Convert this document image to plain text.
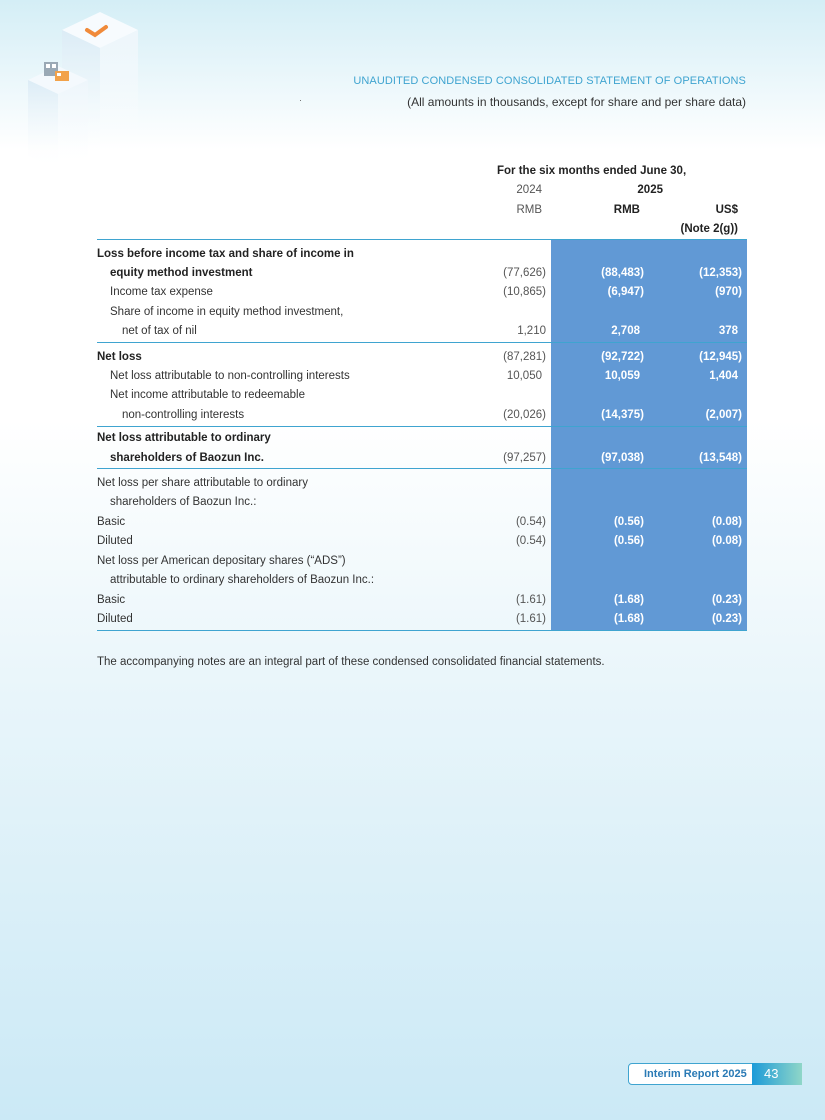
UNAUDITED CONDENSED CONSOLIDATED STATEMENT OF OPERATIONS
(All amounts in thousands, except for share and per share data)
For the six months ended June 30,
2024	2025
RMB	RMB	US$
(Note 2(g))
Loss before income tax and share of income in
equity method investment	(77,626)	(88,483)	(12,353)
Income tax expense	(10,865)	(6,947)	(970)
Share of income in equity method investment,
net of tax of nil	1,210	2,708	378
Net loss	(87,281)	(92,722)	(12,945)
Net loss attributable to non-controlling interests	10,050	10,059	1,404
Net income attributable to redeemable
non-controlling interests	(20,026)	(14,375)	(2,007)
Net loss attributable to ordinary
shareholders of Baozun Inc.	(97,257)	(97,038)	(13,548)
Net loss per share attributable to ordinary
shareholders of Baozun Inc.:
Basic	(0.54)	(0.56)	(0.08)
Diluted	(0.54)	(0.56)	(0.08)
Net loss per American depositary shares (“ADS”)
attributable to ordinary shareholders of Baozun Inc.:
Basic	(1.61)	(1.68)	(0.23)
Diluted	(1.61)	(1.68)	(0.23)
The accompanying notes are an integral part of these condensed consolidated financial statements.
Interim Report 2025	43
